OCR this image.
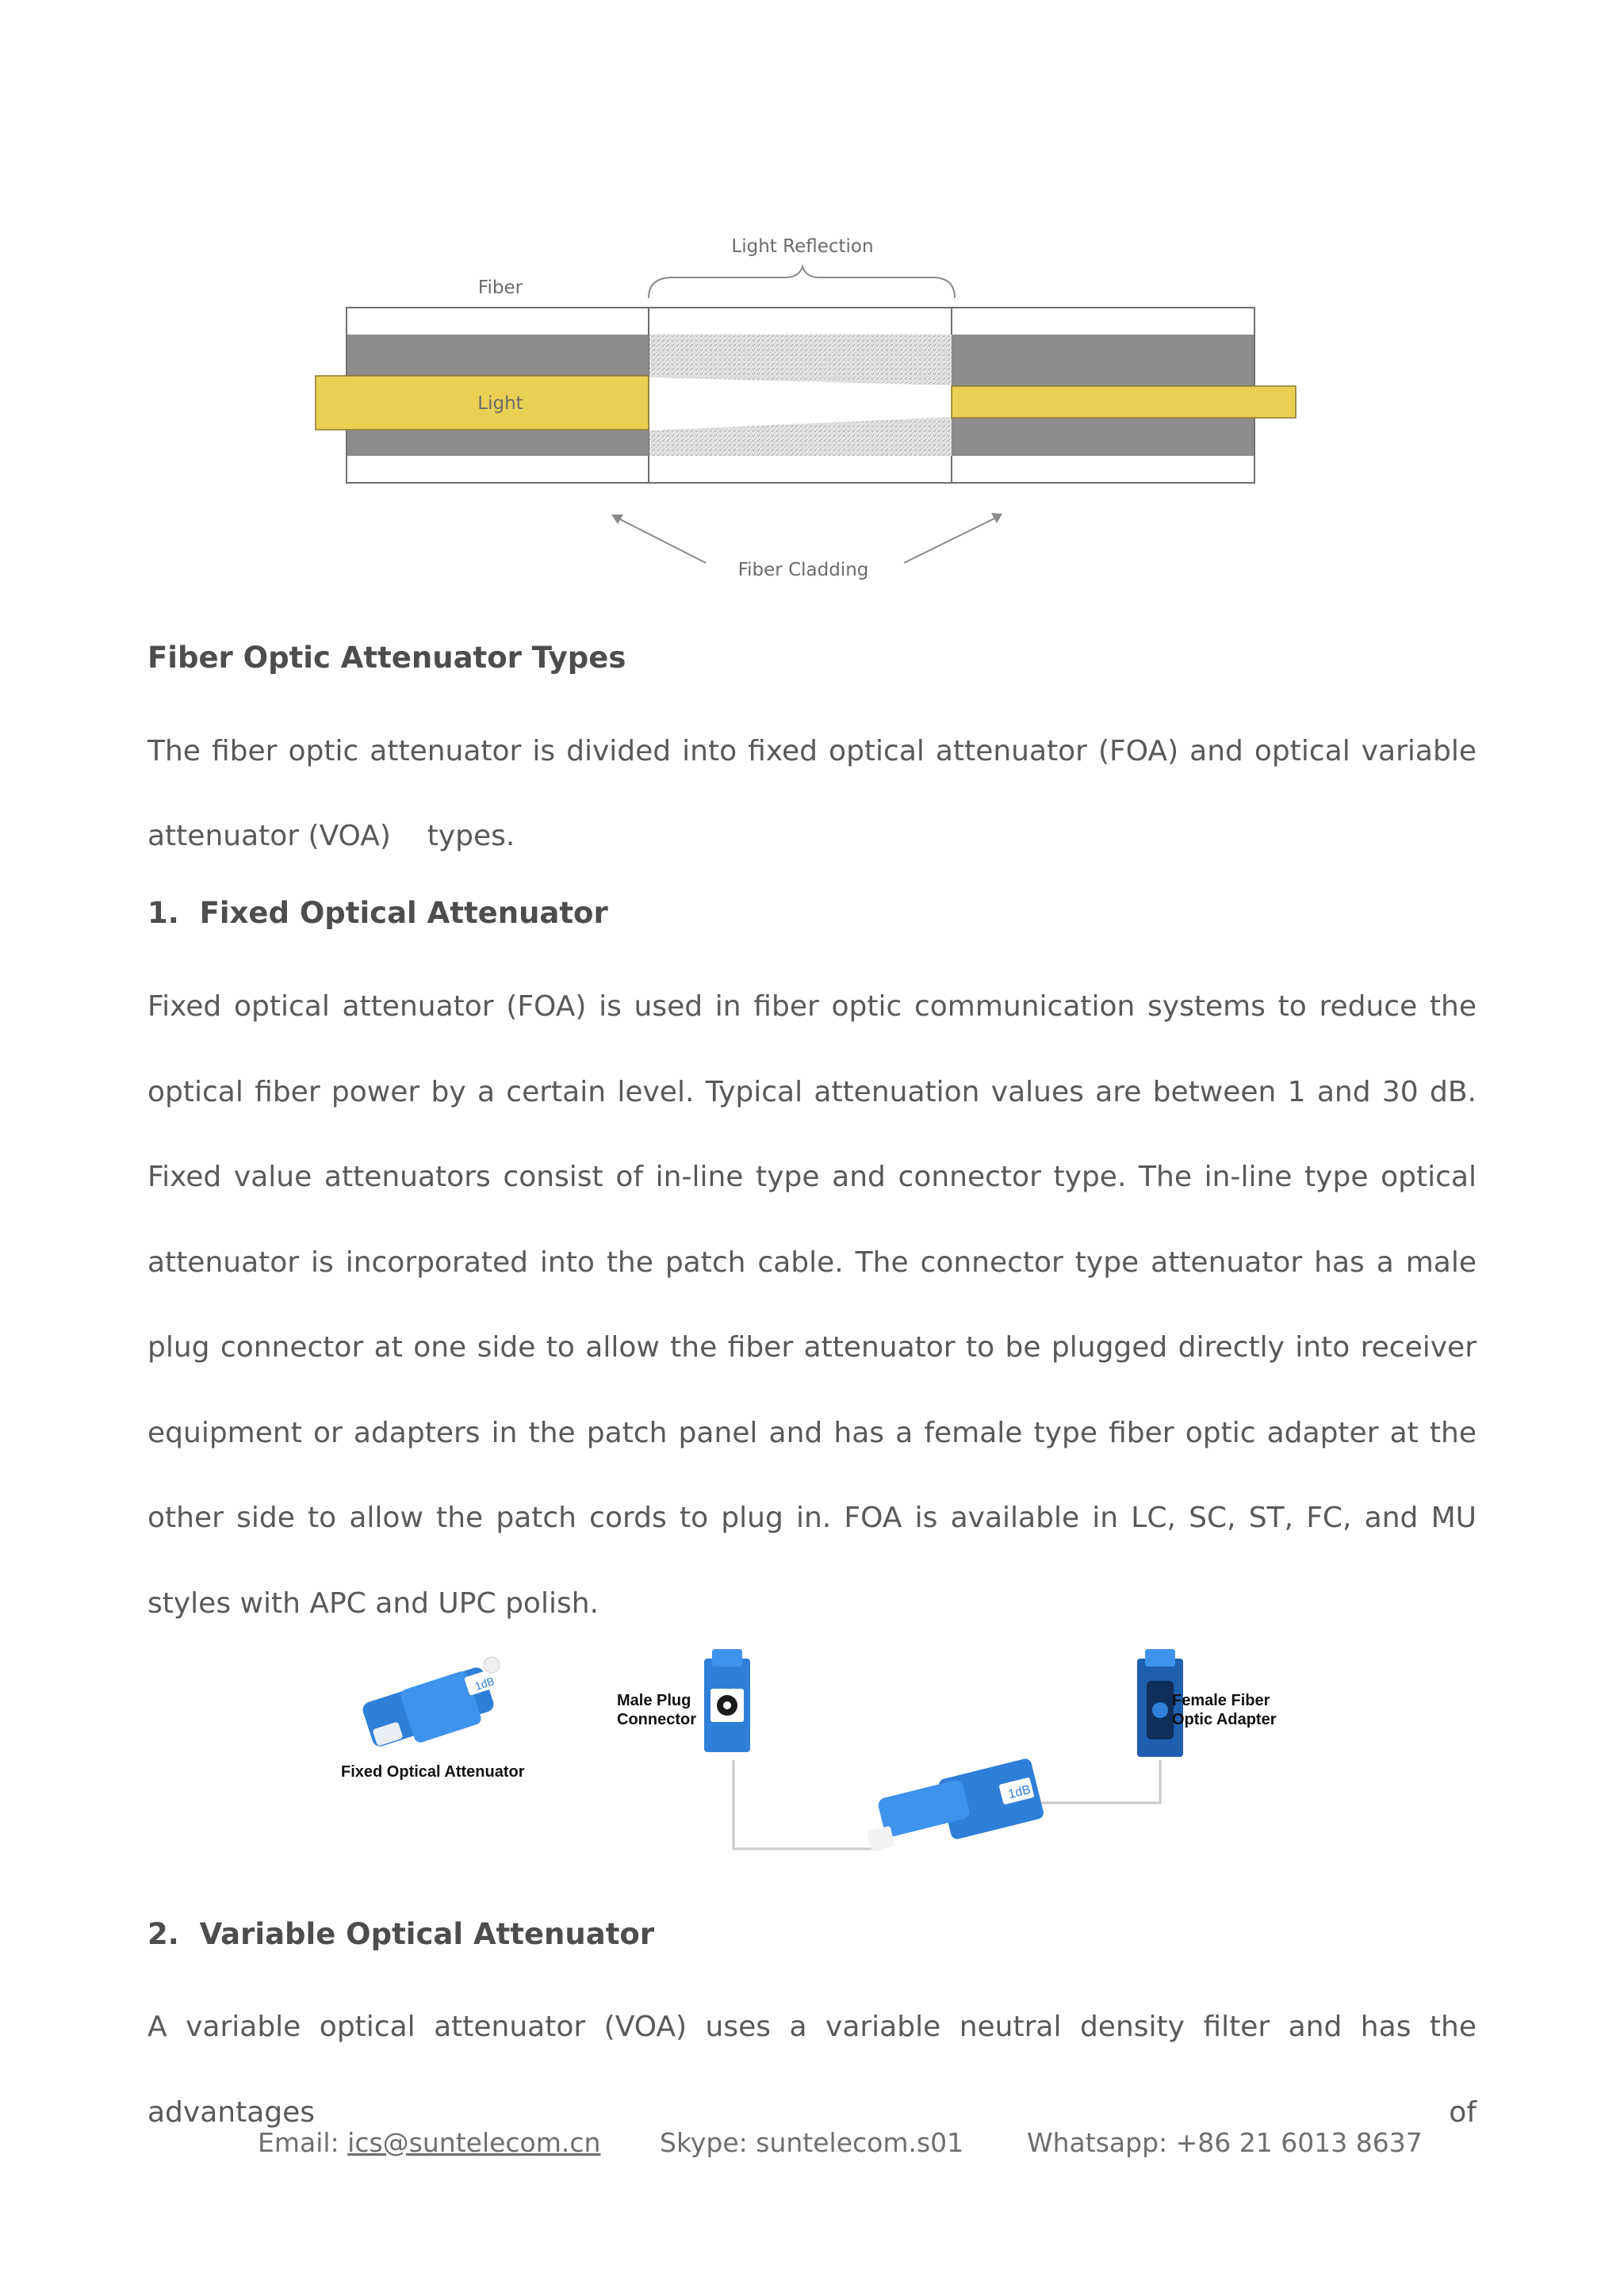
Light Reflection
Fiber
Light
Fiber Cladding
Fiber Optic Attenuator Types

The fiber optic attenuator is divided into fixed optical attenuator (FOA) and optical variable

attenuator (VOA)    types.

1.  Fixed Optical Attenuator

Fixed optical attenuator (FOA) is used in fiber optic communication systems to reduce the optical fiber power by a certain level. Typical attenuation values are between 1 and 30 dB. Fixed value attenuators consist of in-line type and connector type. The in-line type optical attenuator is incorporated into the patch cable. The connector type attenuator has a male plug connector at one side to allow the fiber attenuator to be plugged directly into receiver equipment or adapters in the patch panel and has a female type fiber optic adapter at the other side to allow the patch cords to plug in. FOA is available in LC, SC, ST, FC, and MU styles with APC and UPC polish.

1dB
1dB
Fixed Optical Attenuator
Male Plug
Connector
Female Fiber
Optic Adapter
2.  Variable Optical Attenuator

A variable optical attenuator (VOA) uses a variable neutral density filter and has the advantages of

Email: ics@suntelecom.cn Skype: suntelecom.s01 Whatsapp: +86 21 6013 8637
